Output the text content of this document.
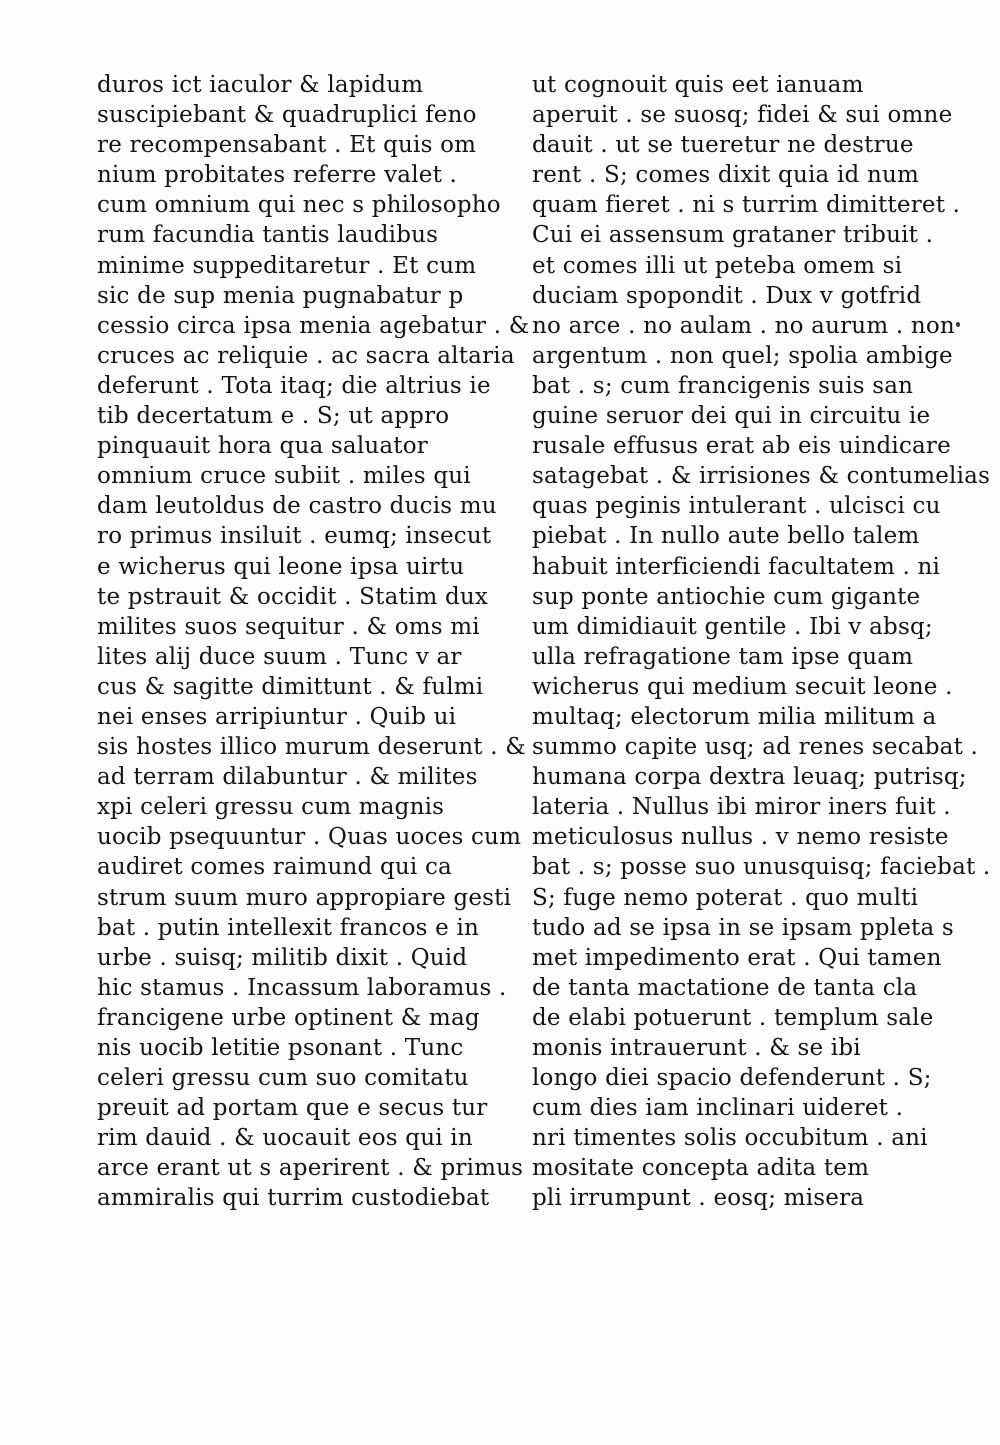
duros ict iaculor & lapidum
suscipiebant & quadruplici feno
re recompensabant . Et quis om
nium probitates referre valet .
cum omnium qui nec s philosopho
rum facundia tantis laudibus
minime suppeditaretur . Et cum
sic de sup menia pugnabatur p
cessio circa ipsa menia agebatur . &
cruces ac reliquie . ac sacra altaria
deferunt . Tota itaq; die altrius ie
tib decertatum e . S; ut appro
pinquauit hora qua saluator
omnium cruce subiit . miles qui
dam leutoldus de castro ducis mu
ro primus insiluit . eumq; insecut
e wicherus qui leone ipsa uirtu
te pstrauit & occidit . Statim dux
milites suos sequitur . & oms mi
lites alij duce suum . Tunc v ar
cus & sagitte dimittunt . & fulmi
nei enses arripiuntur . Quib ui
sis hostes illico murum deserunt . &
ad terram dilabuntur . & milites
xpi celeri gressu cum magnis
uocib psequuntur . Quas uoces cum
audiret comes raimund qui ca
strum suum muro appropiare gesti
bat . putin intellexit francos e in
urbe . suisq; militib dixit . Quid
hic stamus . Incassum laboramus .
francigene urbe optinent & mag
nis uocib letitie psonant . Tunc
celeri gressu cum suo comitatu
preuit ad portam que e secus tur
rim dauid . & uocauit eos qui in
arce erant ut s aperirent . & primus
ammiralis qui turrim custodiebat
ut cognouit quis eet ianuam
aperuit . se suosq; fidei & sui omne
dauit . ut se tueretur ne destrue
rent . S; comes dixit quia id num
quam fieret . ni s turrim dimitteret .
Cui ei assensum grataner tribuit .
et comes illi ut peteba omem si
duciam spopondit . Dux v gotfrid
no arce . no aulam . no aurum . non
argentum . non quel; spolia ambige
bat . s; cum francigenis suis san
guine seruor dei qui in circuitu ie
rusale effusus erat ab eis uindicare
satagebat . & irrisiones & contumelias
quas peginis intulerant . ulcisci cu
piebat . In nullo aute bello talem
habuit interficiendi facultatem . ni
sup ponte antiochie cum gigante
um dimidiauit gentile . Ibi v absq;
ulla refragatione tam ipse quam
wicherus qui medium secuit leone .
multaq; electorum milia militum a
summo capite usq; ad renes secabat .
humana corpa dextra leuaq; putrisq;
lateria . Nullus ibi miror iners fuit .
meticulosus nullus . v nemo resiste
bat . s; posse suo unusquisq; faciebat .
S; fuge nemo poterat . quo multi
tudo ad se ipsa in se ipsam ppleta s
met impedimento erat . Qui tamen
de tanta mactatione de tanta cla
de elabi potuerunt . templum sale
monis intrauerunt . & se ibi
longo diei spacio defenderunt . S;
cum dies iam inclinari uideret .
nri timentes solis occubitum . ani
mositate concepta adita tem
pli irrumpunt . eosq; misera
